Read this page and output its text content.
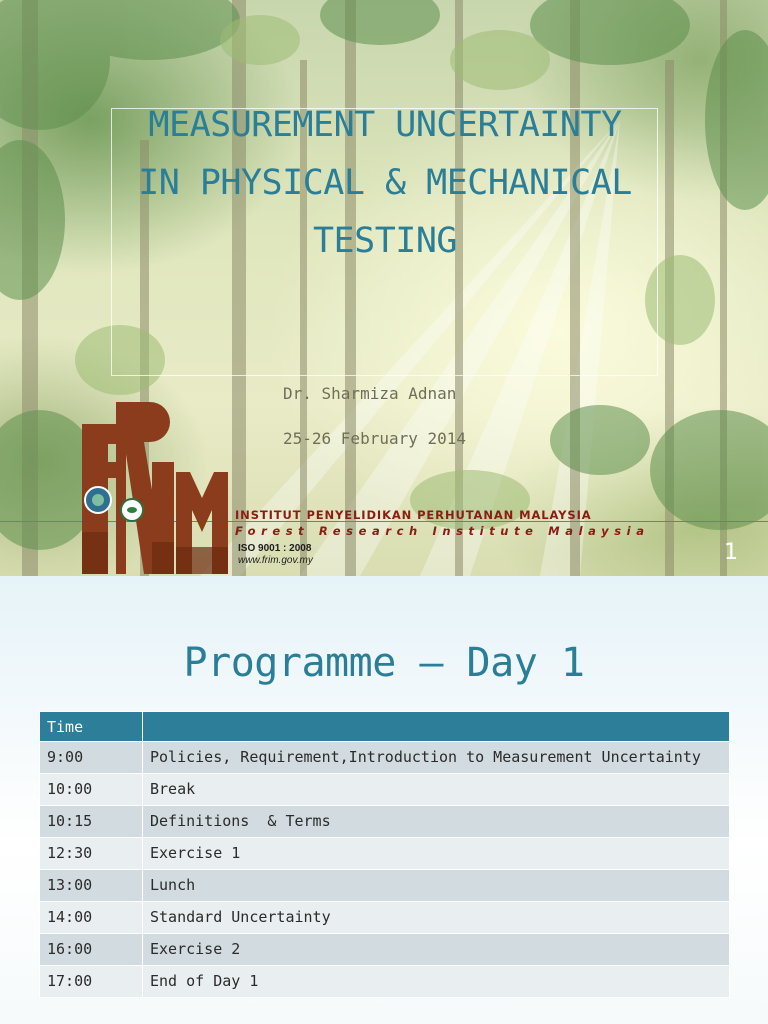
MEASUREMENT UNCERTAINTY
IN PHYSICAL & MECHANICAL
TESTING
Dr. Sharmiza Adnan
25-26 February 2014
INSTITUT PENYELIDIKAN PERHUTANAN MALAYSIA
Forest Research Institute Malaysia
ISO 9001 : 2008
www.frim.gov.my	1
Programme – Day 1
Time	
9:00	Policies, Requirement,Introduction to Measurement Uncertainty
10:00	Break
10:15	Definitions  & Terms
12:30	Exercise 1
13:00	Lunch
14:00	Standard Uncertainty
16:00	Exercise 2
17:00	End of Day 1
